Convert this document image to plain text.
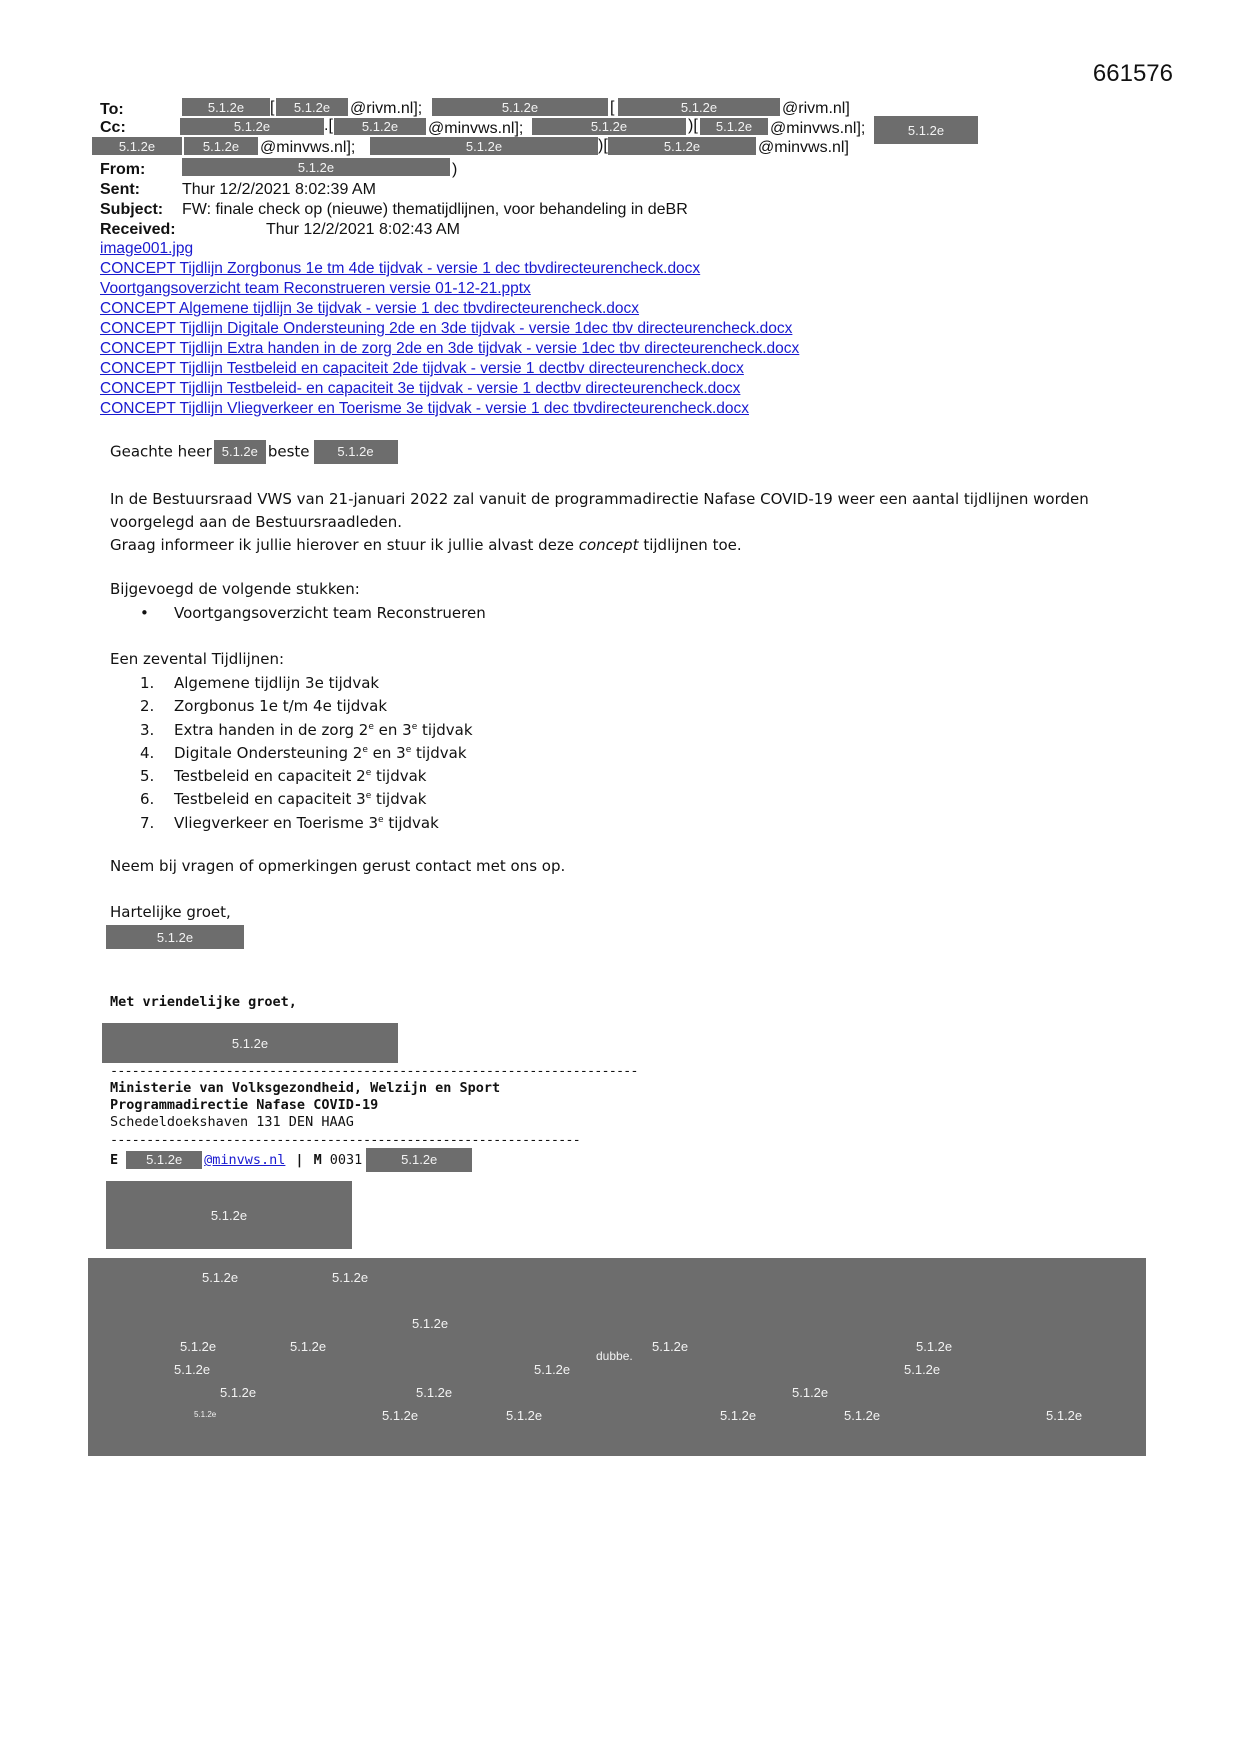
661576
To:	5.1.2e	[	5.1.2e	@rivm.nl];	5.1.2e	[	5.1.2e	@rivm.nl]
Cc:	5.1.2e	.[	5.1.2e	@minvws.nl];	5.1.2e	)[	5.1.2e	@minvws.nl];	5.1.2e
5.1.2e	5.1.2e	@minvws.nl];	5.1.2e	)[	5.1.2e	@minvws.nl]
From:	5.1.2e	)
Sent:	Thur 12/2/2021 8:02:39 AM
Subject: FW: finale check op (nieuwe) thematijdlijnen, voor behandeling in deBR
Received:	Thur 12/2/2021 8:02:43 AM
image001.jpg
CONCEPT Tijdlijn Zorgbonus 1e tm 4de tijdvak - versie 1 dec tbvdirecteurencheck.docx
Voortgangsoverzicht team Reconstrueren versie 01-12-21.pptx
CONCEPT Algemene tijdlijn 3e tijdvak - versie 1 dec tbvdirecteurencheck.docx
CONCEPT Tijdlijn Digitale Ondersteuning 2de en 3de tijdvak - versie 1dec tbv directeurencheck.docx
CONCEPT Tijdlijn Extra handen in de zorg 2de en 3de tijdvak - versie 1dec tbv directeurencheck.docx
CONCEPT Tijdlijn Testbeleid en capaciteit 2de tijdvak - versie 1 dectbv directeurencheck.docx
CONCEPT Tijdlijn Testbeleid- en capaciteit 3e tijdvak - versie 1 dectbv directeurencheck.docx
CONCEPT Tijdlijn Vliegverkeer en Toerisme 3e tijdvak - versie 1 dec tbvdirecteurencheck.docx
Geachte heer 5.1.2e beste 5.1.2e
In de Bestuursraad VWS van 21-januari 2022 zal vanuit de programmadirectie Nafase COVID-19 weer een aantal tijdlijnen worden voorgelegd aan de Bestuursraadleden.
Graag informeer ik jullie hierover en stuur ik jullie alvast deze concept tijdlijnen toe.
Bijgevoegd de volgende stukken:
• Voortgangsoverzicht team Reconstrueren
Een zevental Tijdlijnen:
1. Algemene tijdlijn 3e tijdvak
2. Zorgbonus 1e t/m 4e tijdvak
3. Extra handen in de zorg 2e en 3e tijdvak
4. Digitale Ondersteuning 2e en 3e tijdvak
5. Testbeleid en capaciteit 2e tijdvak
6. Testbeleid en capaciteit 3e tijdvak
7. Vliegverkeer en Toerisme 3e tijdvak
Neem bij vragen of opmerkingen gerust contact met ons op.
Hartelijke groet,
5.1.2e
Met vriendelijke groet,
5.1.2e
-------------------------------------------------------------------------
Ministerie van Volksgezondheid, Welzijn en Sport
Programmadirectie Nafase COVID-19
Schedeldoekshaven 131 DEN HAAG
-----------------------------------------------------------------
E	5.1.2e	@minvws.nl | M 0031	5.1.2e
5.1.2e
5.1.2e	5.1.2e
5.1.2e
5.1.2e	5.1.2e
dubbe.
5.1.2e	5.1.2e
5.1.2e	5.1.2e	5.1.2e
5.1.2e	5.1.2e	5.1.2e
5.1.2e	5.1.2e	5.1.2e	5.1.2e	5.1.2e	5.1.2e
